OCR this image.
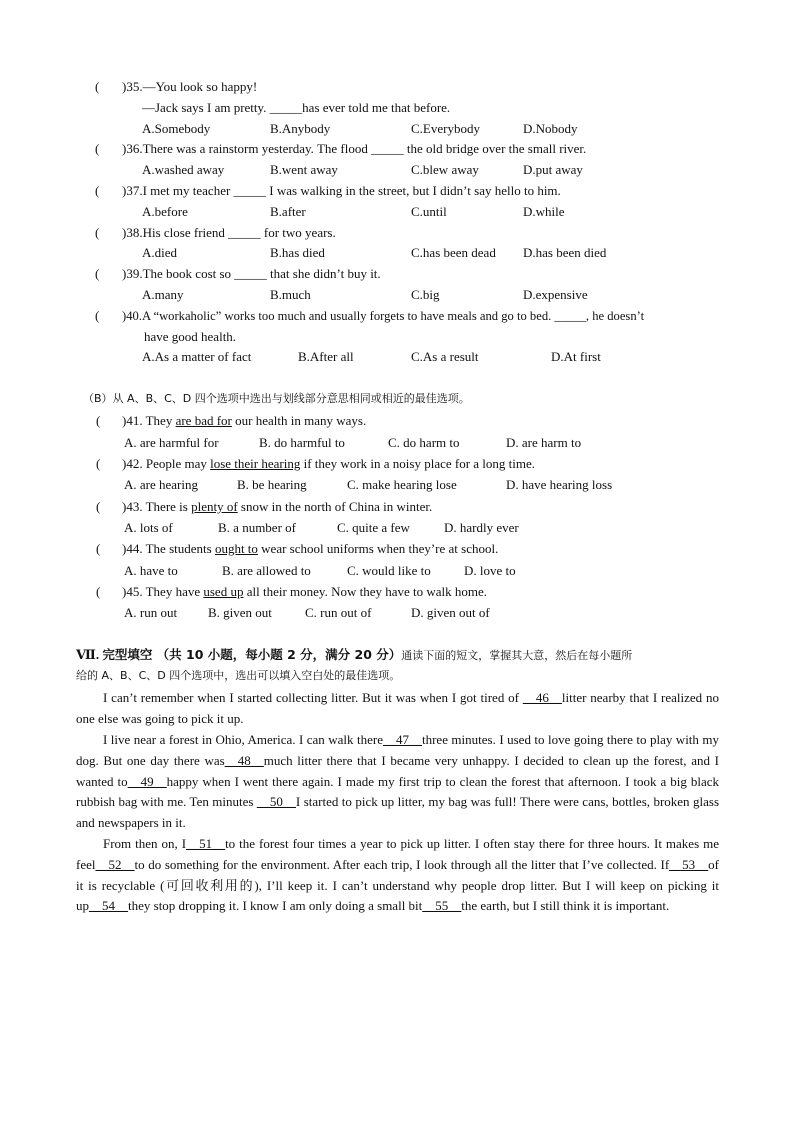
( )35.—You look so happy!
—Jack says I am pretty. _____has ever told me that before.
A.Somebody	B.Anybody	C.Everybody	D.Nobody
( )36.There was a rainstorm yesterday. The flood _____ the old bridge over the small river.
A.washed away	B.went away	C.blew away	D.put away
( )37.I met my teacher _____ I was walking in the street, but I didn’t say hello to him.
A.before	B.after	C.until	D.while
( )38.His close friend _____ for two years.
A.died	B.has died	C.has been dead D.has been died
( )39.The book cost so _____ that she didn’t buy it.
A.many	B.much	C.big	D.expensive
( )40.A “workaholic” works too much and usually forgets to have meals and go to bed. _____, he doesn’t
have good health.
A.As a matter of fact	B.After all	C.As a result	D.At first
（B）从 A、B、C、D 四个选项中选出与划线部分意思相同或相近的最佳选项。
( )41. They are bad for our health in many ways.
A. are harmful for	B. do harmful to	C. do harm to	D. are harm to
( )42. People may lose their hearing if they work in a noisy place for a long time.
A. are hearing	B. be hearing	C. make hearing lose	D. have hearing loss
( )43. There is plenty of snow in the north of China in winter.
A. lots of	B. a number of	C. quite a few	D. hardly ever
( )44. The students ought to wear school uniforms when they’re at school.
A. have to	B. are allowed to	C. would like to	D. love to
( )45. They have used up all their money. Now they have to walk home.
A. run out B. given out	C. run out of	D. given out of
Ⅶ. 完型填空 （共 10 小题，每小题 2 分，满分 20 分）通读下面的短文，掌握其大意，然后在每小题所
给的 A、B、C、D 四个选项中，选出可以填入空白处的最佳选项。
I can’t remember when I started collecting litter. But it was when I got tired of __46__litter nearby that I realized no one else was going to pick it up.
I live near a forest in Ohio, America. I can walk there__47__three minutes. I used to love going there to play with my dog. But one day there was__48__much litter there that I became very unhappy. I decided to clean up the forest, and I wanted to__49__happy when I went there again. I made my first trip to clean the forest that afternoon. I took a big black rubbish bag with me. Ten minutes __50__I started to pick up litter, my bag was full! There were cans, bottles, broken glass and newspapers in it.
From then on, I__51__to the forest four times a year to pick up litter. I often stay there for three hours. It makes me feel__52__to do something for the environment. After each trip, I look through all the litter that I’ve collected. If__53__of it is recyclable (可回收利用的), I’ll keep it. I can’t understand why people drop litter. But I will keep on picking it up__54__they stop dropping it. I know I am only doing a small bit__55__the earth, but I still think it is important.
